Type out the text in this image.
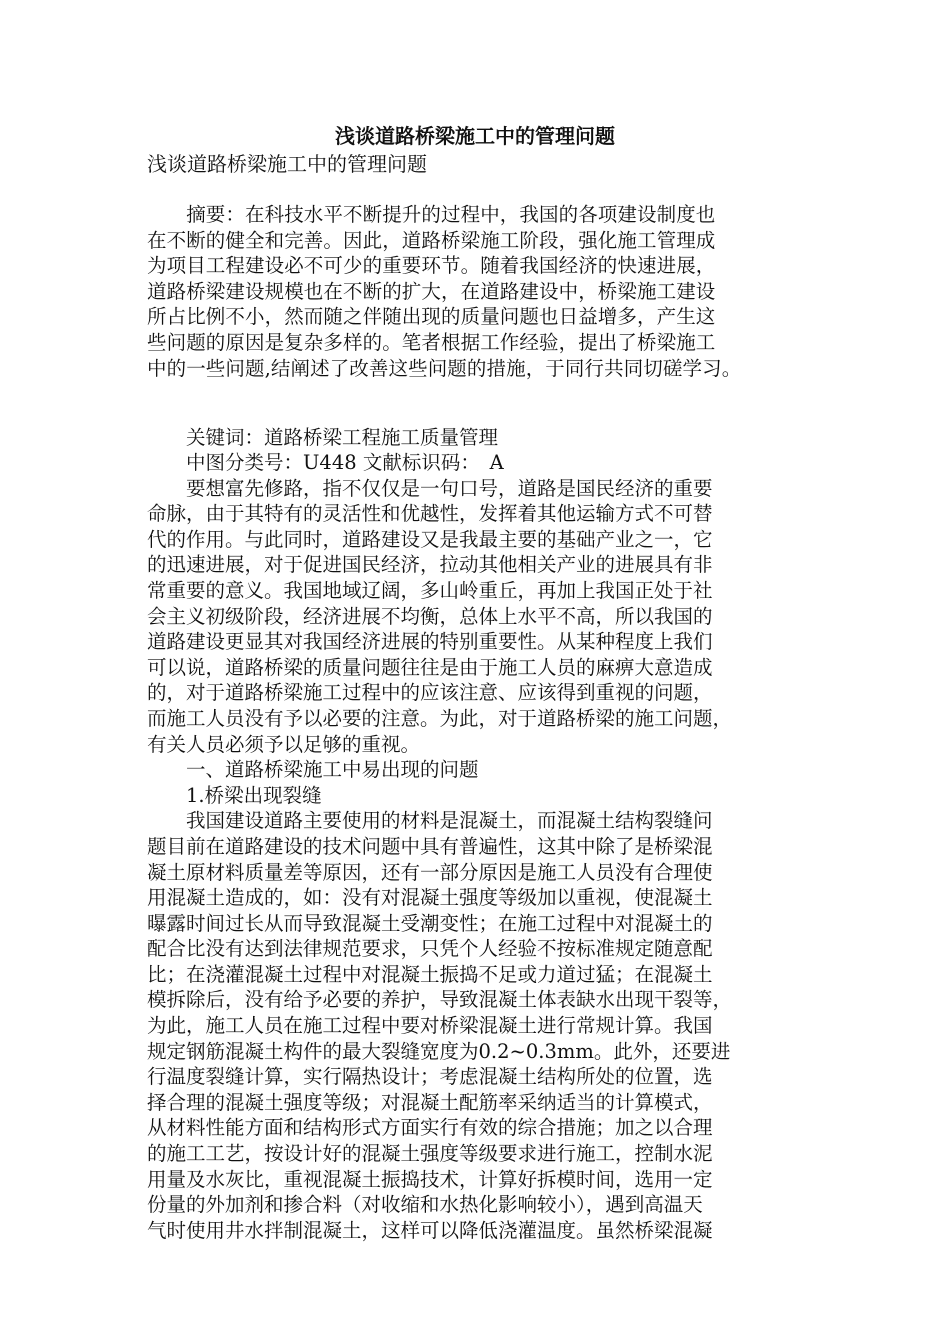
浅谈道路桥梁施工中的管理问题

浅谈道路桥梁施工中的管理问题

　　摘要：在科技水平不断提升的过程中，我国的各项建设制度也
在不断的健全和完善。因此，道路桥梁施工阶段，强化施工管理成
为项目工程建设必不可少的重要环节。随着我国经济的快速进展，
道路桥梁建设规模也在不断的扩大，在道路建设中，桥梁施工建设
所占比例不小，然而随之伴随出现的质量问题也日益增多，产生这
些问题的原因是复杂多样的。笔者根据工作经验，提出了桥梁施工
中的一些问题,结阐述了改善这些问题的措施，于同行共同切磋学习。
　　关键词：道路桥梁工程施工质量管理
　　中图分类号：U448 文献标识码：　A
　　要想富先修路，指不仅仅是一句口号，道路是国民经济的重要
命脉，由于其特有的灵活性和优越性，发挥着其他运输方式不可替
代的作用。与此同时，道路建设又是我最主要的基础产业之一，它
的迅速进展，对于促进国民经济，拉动其他相关产业的进展具有非
常重要的意义。我国地域辽阔，多山岭重丘，再加上我国正处于社
会主义初级阶段，经济进展不均衡，总体上水平不高，所以我国的
道路建设更显其对我国经济进展的特别重要性。从某种程度上我们
可以说，道路桥梁的质量问题往往是由于施工人员的麻痹大意造成
的，对于道路桥梁施工过程中的应该注意、应该得到重视的问题，
而施工人员没有予以必要的注意。为此，对于道路桥梁的施工问题，
有关人员必须予以足够的重视。
　　一、道路桥梁施工中易出现的问题
　　1.桥梁出现裂缝
　　我国建设道路主要使用的材料是混凝土，而混凝土结构裂缝问
题目前在道路建设的技术问题中具有普遍性，这其中除了是桥梁混
凝土原材料质量差等原因，还有一部分原因是施工人员没有合理使
用混凝土造成的，如：没有对混凝土强度等级加以重视，使混凝土
曝露时间过长从而导致混凝土受潮变性；在施工过程中对混凝土的
配合比没有达到法律规范要求，只凭个人经验不按标准规定随意配
比；在浇灌混凝土过程中对混凝土振捣不足或力道过猛；在混凝土
模拆除后，没有给予必要的养护，导致混凝土体表缺水出现干裂等，
为此，施工人员在施工过程中要对桥梁混凝土进行常规计算。我国
规定钢筋混凝土构件的最大裂缝宽度为0.2~0.3mm。此外，还要进
行温度裂缝计算，实行隔热设计；考虑混凝土结构所处的位置，选
择合理的混凝土强度等级；对混凝土配筋率采纳适当的计算模式，
从材料性能方面和结构形式方面实行有效的综合措施；加之以合理
的施工工艺，按设计好的混凝土强度等级要求进行施工，控制水泥
用量及水灰比，重视混凝土振捣技术，计算好拆模时间，选用一定
份量的外加剂和掺合料（对收缩和水热化影响较小），遇到高温天
气时使用井水拌制混凝土，这样可以降低浇灌温度。虽然桥梁混凝
